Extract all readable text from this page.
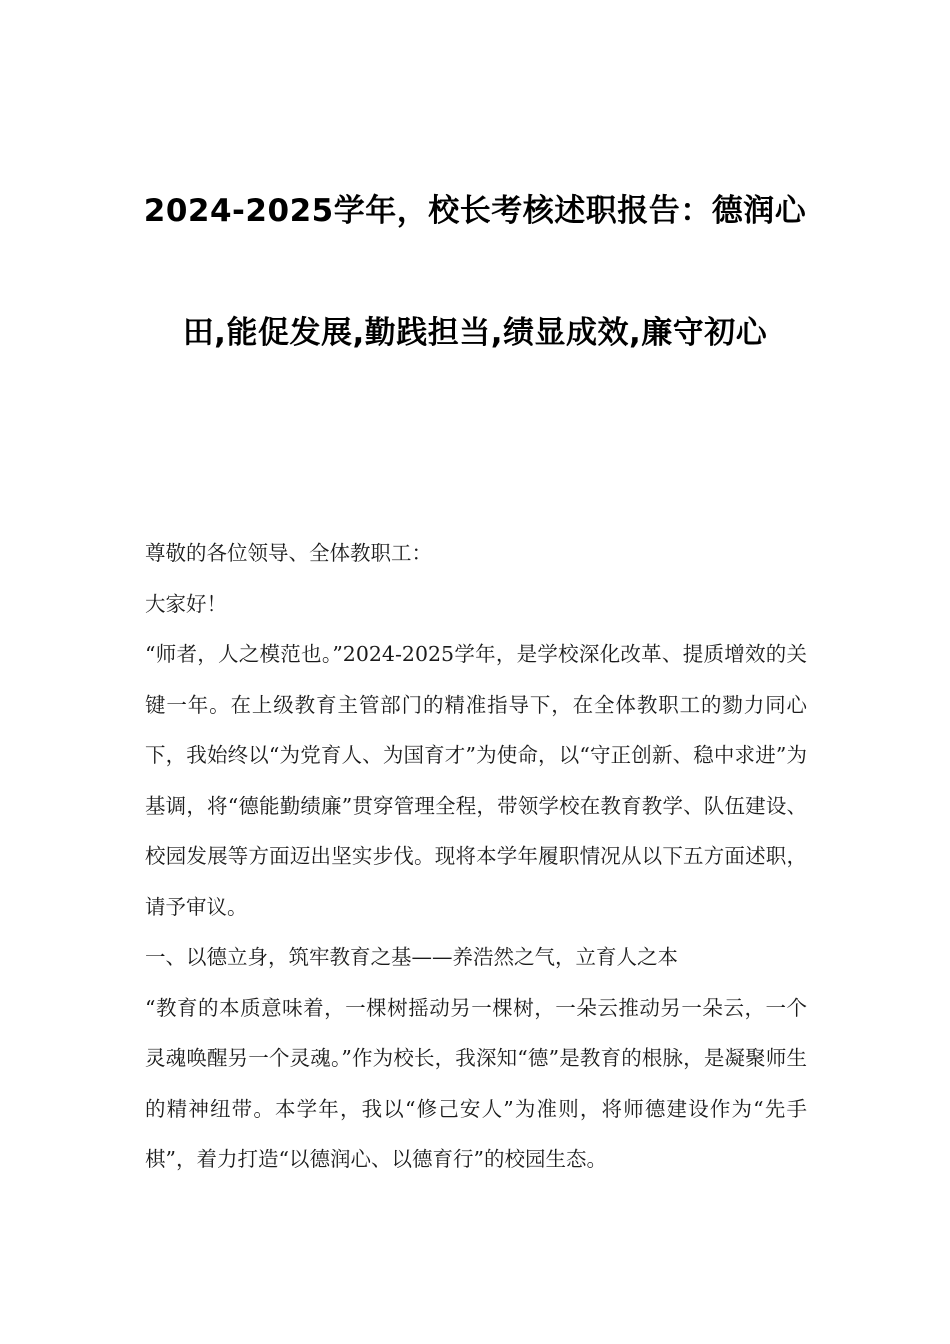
2024-2025学年，校长考核述职报告：德润心田,能促发展,勤践担当,绩显成效,廉守初心

尊敬的各位领导、全体教职工：

大家好！

“师者，人之模范也。”2024-2025学年，是学校深化改革、提质增效的关键一年。在上级教育主管部门的精准指导下，在全体教职工的勠力同心下，我始终以“为党育人、为国育才”为使命，以“守正创新、稳中求进”为基调，将“德能勤绩廉”贯穿管理全程，带领学校在教育教学、队伍建设、校园发展等方面迈出坚实步伐。现将本学年履职情况从以下五方面述职，请予审议。

一、以德立身，筑牢教育之基——养浩然之气，立育人之本

“教育的本质意味着，一棵树摇动另一棵树，一朵云推动另一朵云，一个灵魂唤醒另一个灵魂。”作为校长，我深知“德”是教育的根脉，是凝聚师生的精神纽带。本学年，我以“修己安人”为准则，将师德建设作为“先手棋”，着力打造“以德润心、以德育行”的校园生态。
